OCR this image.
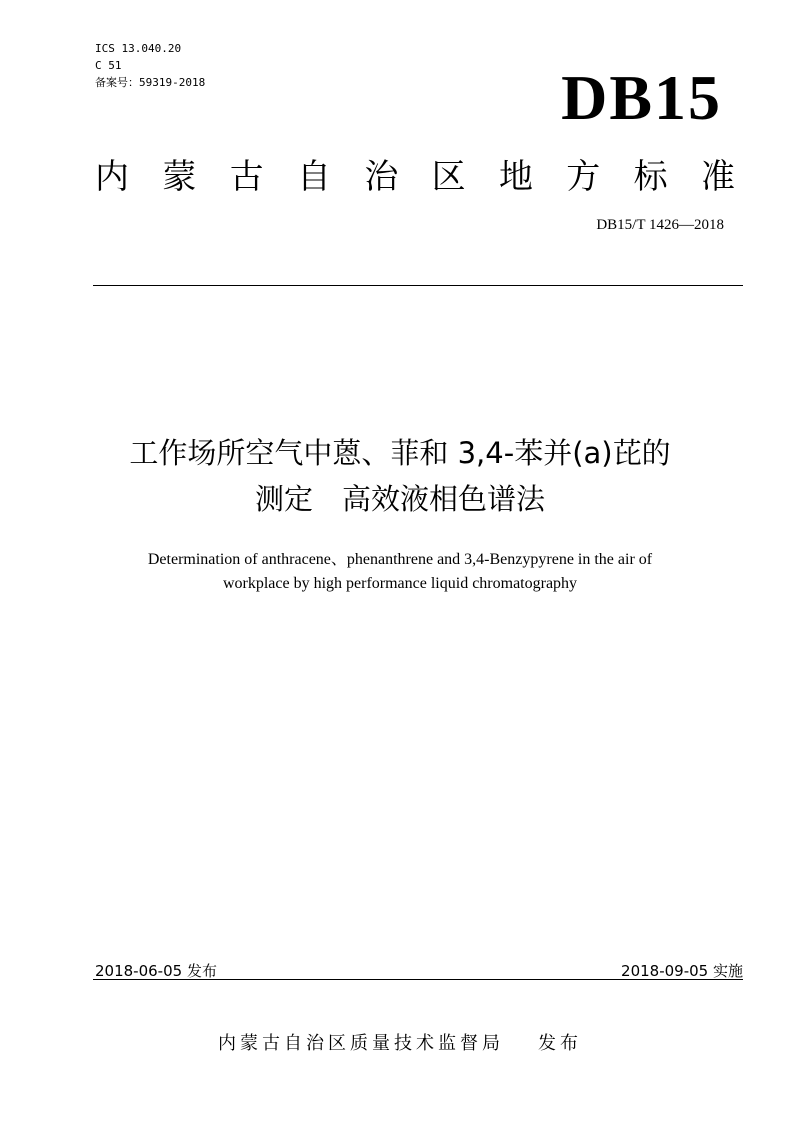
ICS 13.040.20
C 51
备案号：59319-2018	DB15
内 蒙 古 自 治 区 地 方 标 准
DB15/T 1426—2018
工作场所空气中蒽、菲和 3,4-苯并(a)芘的
测定　高效液相色谱法
Determination of anthracene、phenanthrene and 3,4-Benzypyrene in the air of
workplace by high performance liquid chromatography
2018-06-05 发布	2018-09-05 实施
内蒙古自治区质量技术监督局 发布
